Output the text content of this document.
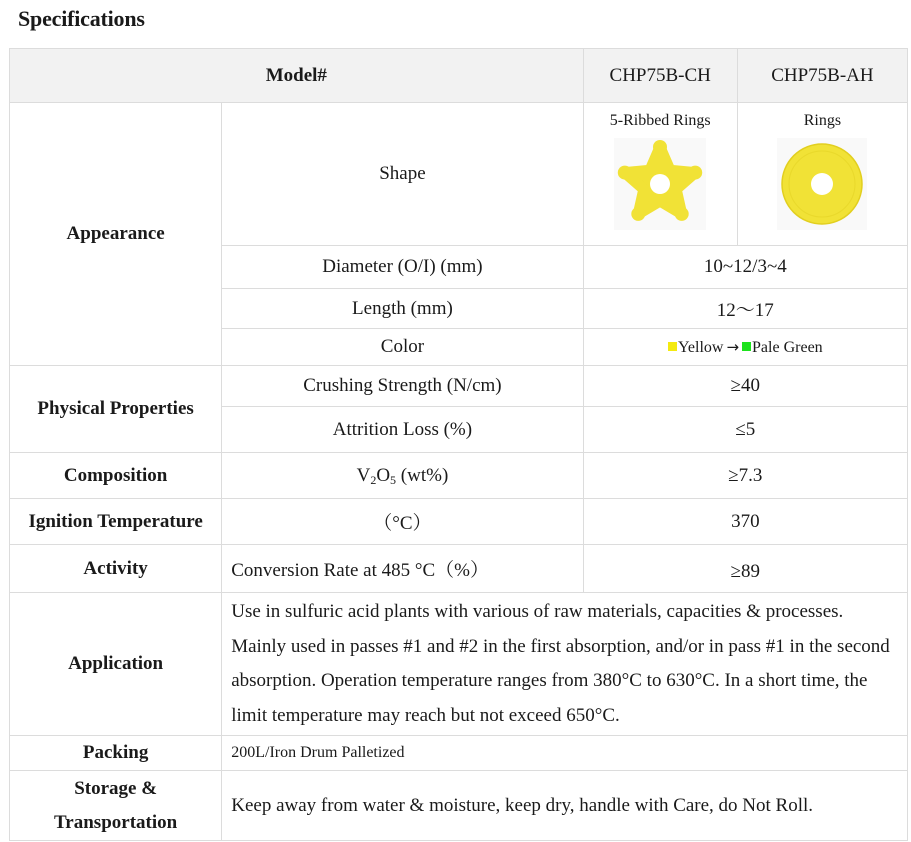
Specifications
Model#		CHP75B-CH	CHP75B-AH
Appearance	Shape	5-Ribbed Rings	Rings

	Diameter (O/I) (mm)	10~12/3~4	
	Length (mm)	12～17	
	Color	Yellow → Pale Green	
Physical Properties	Crushing Strength (N/cm)	≥40	
	Attrition Loss (%)	≤5	
Composition	$V_2O_5$ (wt%)	≥7.3	
Ignition Temperature	（°C）	370	
Activity	Conversion Rate at 485 °C（%）	≥89	
Application	Use in sulfuric acid plants with various of raw materials, capacities & processes. Mainly used in passes #1 and #2 in the first absorption, and/or in pass #1 in the second absorption. Operation temperature ranges from 380°C to 630°C. In a short time, the limit temperature may reach but not exceed 650°C.		
Packing	200L/Iron Drum Palletized		
Storage &
Transportation	Keep away from water & moisture, keep dry, handle with Care, do Not Roll.		
